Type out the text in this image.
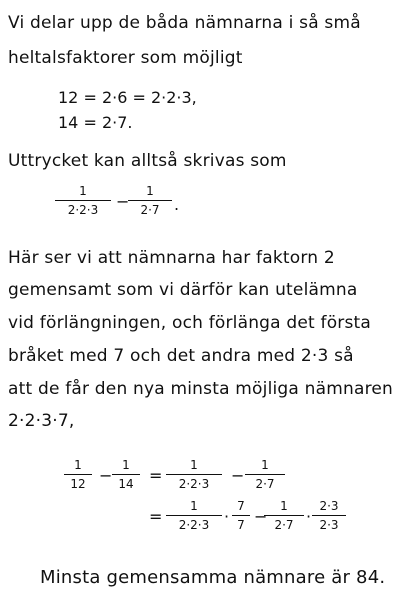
Vi delar upp de båda nämnarna i så små
heltalsfaktorer som möjligt
12 = 2·6 = 2·2·3,
14 = 2·7.
Uttrycket kan alltså skrivas som
1
2·2·3	−
1
2·7 .
Här ser vi att nämnarna har faktorn 2
gemensamt som vi därför kan utelämna
vid förlängningen, och förlänga det första
bråket med 7 och det andra med 2·3 så
att de får den nya minsta möjliga nämnaren
2·2·3·7,
1
12 −
1
14 =
1
2·2·3	−
1
2·7
=
1
2·2·3 ·
7
7 −
1
2·7 ·
2·3
2·3
Minsta gemensamma nämnare är 84.
